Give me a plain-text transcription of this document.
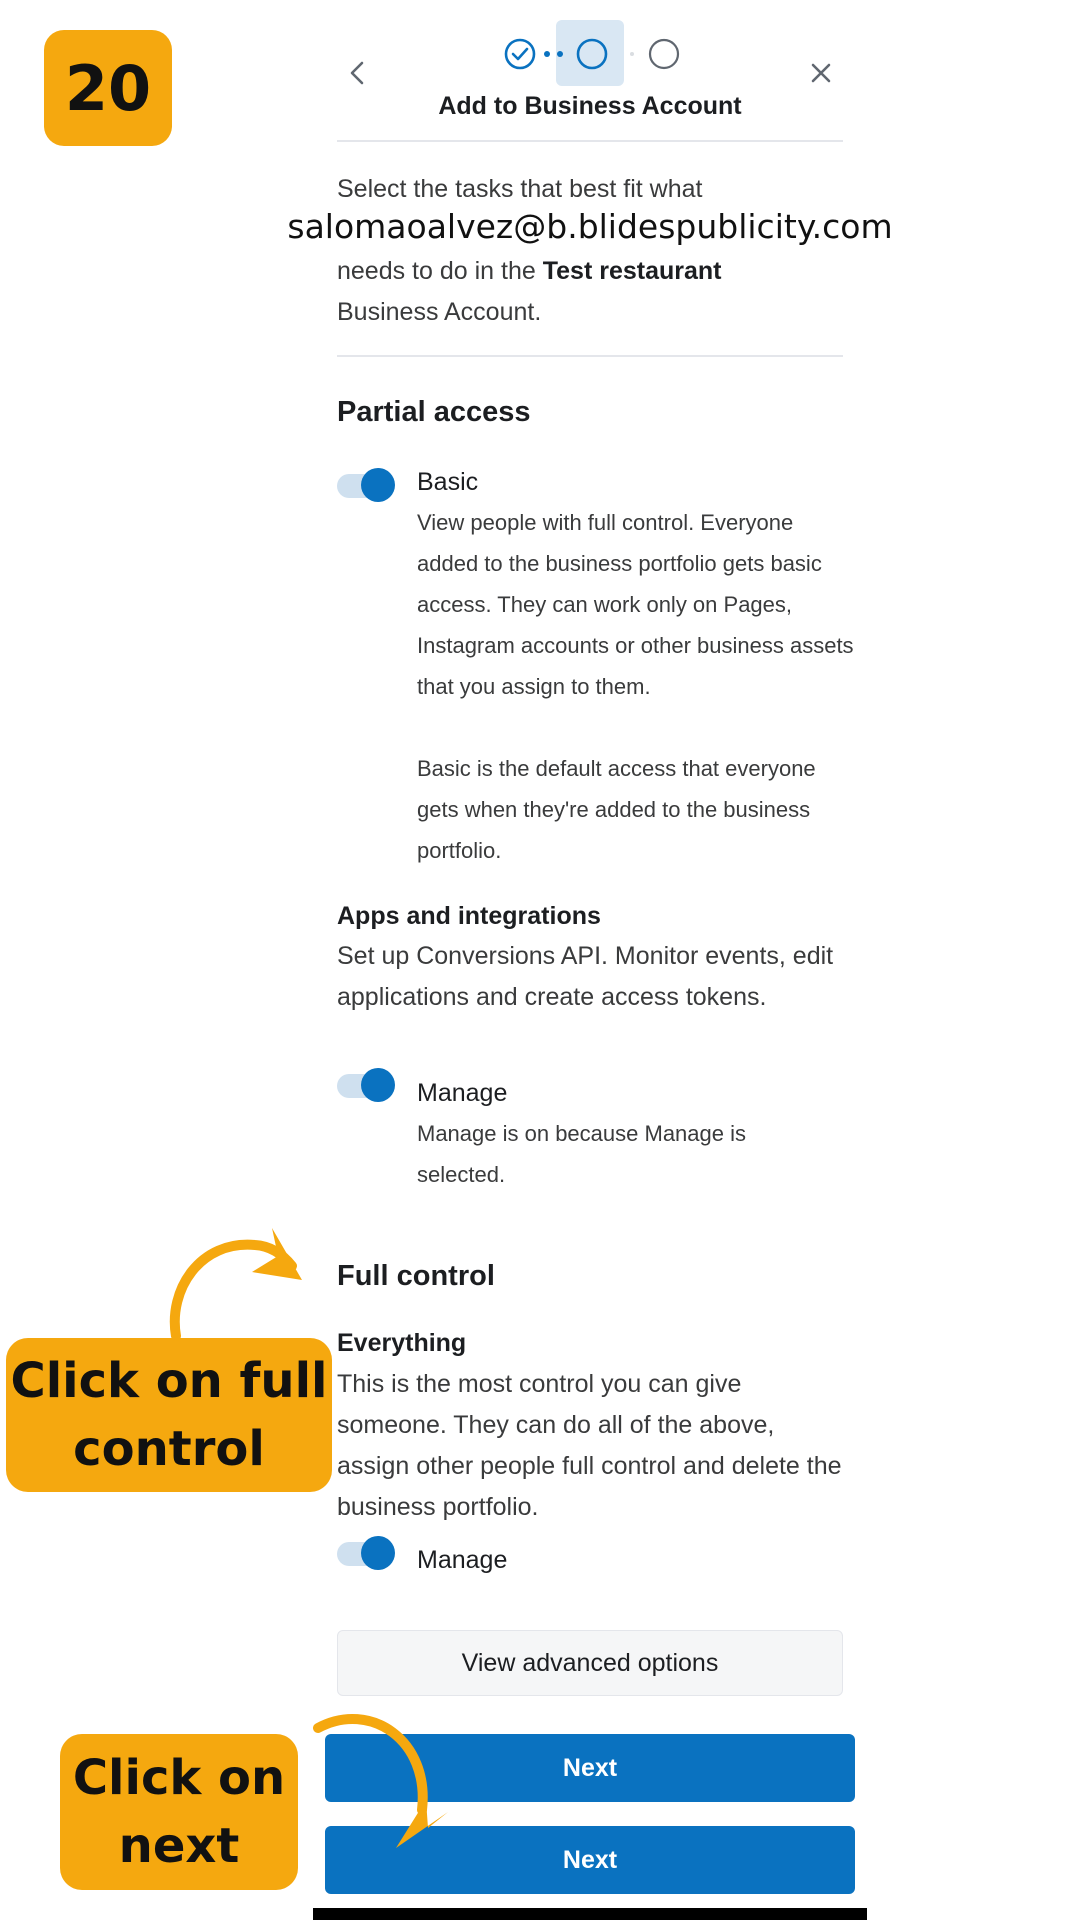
20	Add to Business Account
Select the tasks that best fit what
salomaoalvez@b.blidespublicity.com
needs to do in the Test restaurant
Business Account.
Partial access
Basic
View people with full control. Everyone added to the business portfolio gets basic access. They can work only on Pages, Instagram accounts or other business assets that you assign to them.
Basic is the default access that everyone gets when they're added to the business portfolio.
Apps and integrations
Set up Conversions API. Monitor events, edit applications and create access tokens.
Manage
Manage is on because Manage is selected.
Full control
Everything
This is the most control you can give someone. They can do all of the above, assign other people full control and delete the business portfolio.
Manage
View advanced options
Next
Next
Click on full control
Click on next
